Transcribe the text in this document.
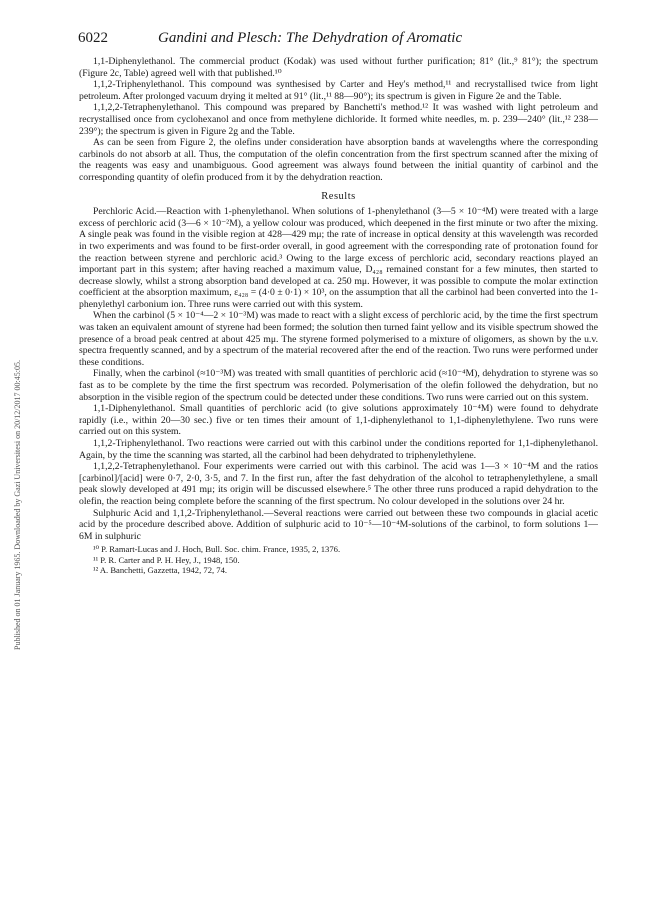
Published on 01 January 1965. Downloaded by Gazi Universitesi on 20/12/2017 00:45:05.
6022	Gandini and Plesch: The Dehydration of Aromatic

1,1-Diphenylethanol. The commercial product (Kodak) was used without further purification; 81° (lit.,⁹ 81°); the spectrum (Figure 2c, Table) agreed well with that published.¹⁰

1,1,2-Triphenylethanol. This compound was synthesised by Carter and Hey's method,¹¹ and recrystallised twice from light petroleum. After prolonged vacuum drying it melted at 91° (lit.,¹¹ 88—90°); its spectrum is given in Figure 2e and the Table.

1,1,2,2-Tetraphenylethanol. This compound was prepared by Banchetti's method.¹² It was washed with light petroleum and recrystallised once from cyclohexanol and once from methylene dichloride. It formed white needles, m. p. 239—240° (lit.,¹² 238—239°); the spectrum is given in Figure 2g and the Table.

As can be seen from Figure 2, the olefins under consideration have absorption bands at wavelengths where the corresponding carbinols do not absorb at all. Thus, the computation of the olefin concentration from the first spectrum scanned after the mixing of the reagents was easy and unambiguous. Good agreement was always found between the initial quantity of carbinol and the corresponding quantity of olefin produced from it by the dehydration reaction.

Results

Perchloric Acid.—Reaction with 1-phenylethanol. When solutions of 1-phenylethanol (3—5 × 10⁻⁴M) were treated with a large excess of perchloric acid (3—6 × 10⁻²M), a yellow colour was produced, which deepened in the first minute or two after the mixing. A single peak was found in the visible region at 428—429 mμ; the rate of increase in optical density at this wavelength was recorded in two experiments and was found to be first-order overall, in good agreement with the corresponding rate of protonation found for the reaction between styrene and perchloric acid.³ Owing to the large excess of perchloric acid, secondary reactions played an important part in this system; after having reached a maximum value, D₄₂₈ remained constant for a few minutes, then started to decrease slowly, whilst a strong absorption band developed at ca. 250 mμ. However, it was possible to compute the molar extinction coefficient at the absorption maximum, ε₄₂₈ = (4·0 ± 0·1) × 10³, on the assumption that all the carbinol had been converted into the 1-phenylethyl carbonium ion. Three runs were carried out with this system.

When the carbinol (5 × 10⁻⁴—2 × 10⁻³M) was made to react with a slight excess of perchloric acid, by the time the first spectrum was taken an equivalent amount of styrene had been formed; the solution then turned faint yellow and its visible spectrum showed the presence of a broad peak centred at about 425 mμ. The styrene formed polymerised to a mixture of oligomers, as shown by the u.v. spectra frequently scanned, and by a spectrum of the material recovered after the end of the reaction. Two runs were performed under these conditions.

Finally, when the carbinol (≈10⁻³M) was treated with small quantities of perchloric acid (≈10⁻⁴M), dehydration to styrene was so fast as to be complete by the time the first spectrum was recorded. Polymerisation of the olefin followed the dehydration, but no absorption in the visible region of the spectrum could be detected under these conditions. Two runs were carried out on this system.

1,1-Diphenylethanol. Small quantities of perchloric acid (to give solutions approximately 10⁻⁴M) were found to dehydrate rapidly (i.e., within 20—30 sec.) five or ten times their amount of 1,1-diphenylethanol to 1,1-diphenylethylene. Two runs were carried out on this system.

1,1,2-Triphenylethanol. Two reactions were carried out with this carbinol under the conditions reported for 1,1-diphenylethanol. Again, by the time the scanning was started, all the carbinol had been dehydrated to triphenylethylene.

1,1,2,2-Tetraphenylethanol. Four experiments were carried out with this carbinol. The acid was 1—3 × 10⁻⁴M and the ratios [carbinol]/[acid] were 0·7, 2·0, 3·5, and 7. In the first run, after the fast dehydration of the alcohol to tetraphenylethylene, a small peak slowly developed at 491 mμ; its origin will be discussed elsewhere.⁵ The other three runs produced a rapid dehydration to the olefin, the reaction being complete before the scanning of the first spectrum. No colour developed in the solutions over 24 hr.

Sulphuric Acid and 1,1,2-Triphenylethanol.—Several reactions were carried out between these two compounds in glacial acetic acid by the procedure described above. Addition of sulphuric acid to 10⁻⁵—10⁻⁴M-solutions of the carbinol, to form solutions 1—6M in sulphuric

¹⁰ P. Ramart-Lucas and J. Hoch, Bull. Soc. chim. France, 1935, 2, 1376.

¹¹ P. R. Carter and P. H. Hey, J., 1948, 150.

¹² A. Banchetti, Gazzetta, 1942, 72, 74.
